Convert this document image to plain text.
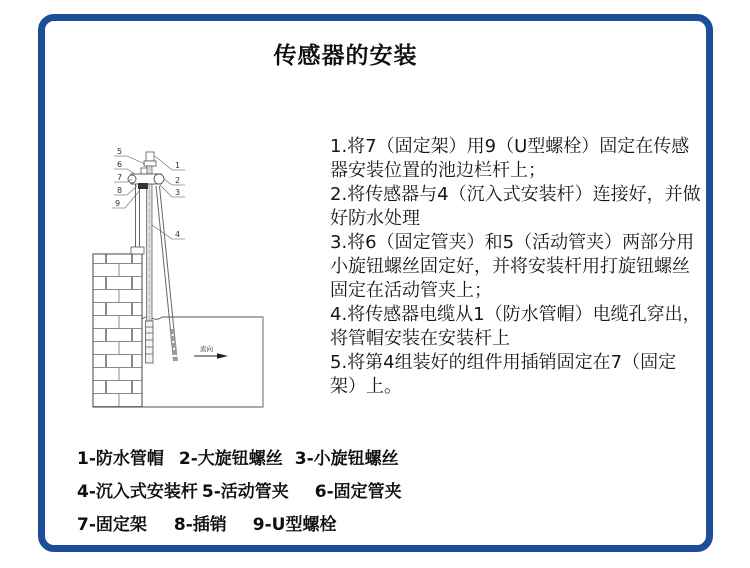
传感器的安装
流向
5
6
7
8
9
1
2
3
4

1.将7（固定架）用9（U型螺栓）固定在传感器安装位置的池边栏杆上；

2.将传感器与4（沉入式安装杆）连接好，并做好防水处理

3.将6（固定管夹）和5（活动管夹）两部分用小旋钮螺丝固定好，并将安装杆用打旋钮螺丝固定在活动管夹上；

4.将传感器电缆从1（防水管帽）电缆孔穿出，将管帽安装在安装杆上

5.将第4组装好的组件用插销固定在7（固定架）上。

1-防水管帽 2-大旋钮螺丝 3-小旋钮螺丝
4-沉入式安装杆 5-活动管夹 6-固定管夹
7-固定架 8-插销 9-U型螺栓
